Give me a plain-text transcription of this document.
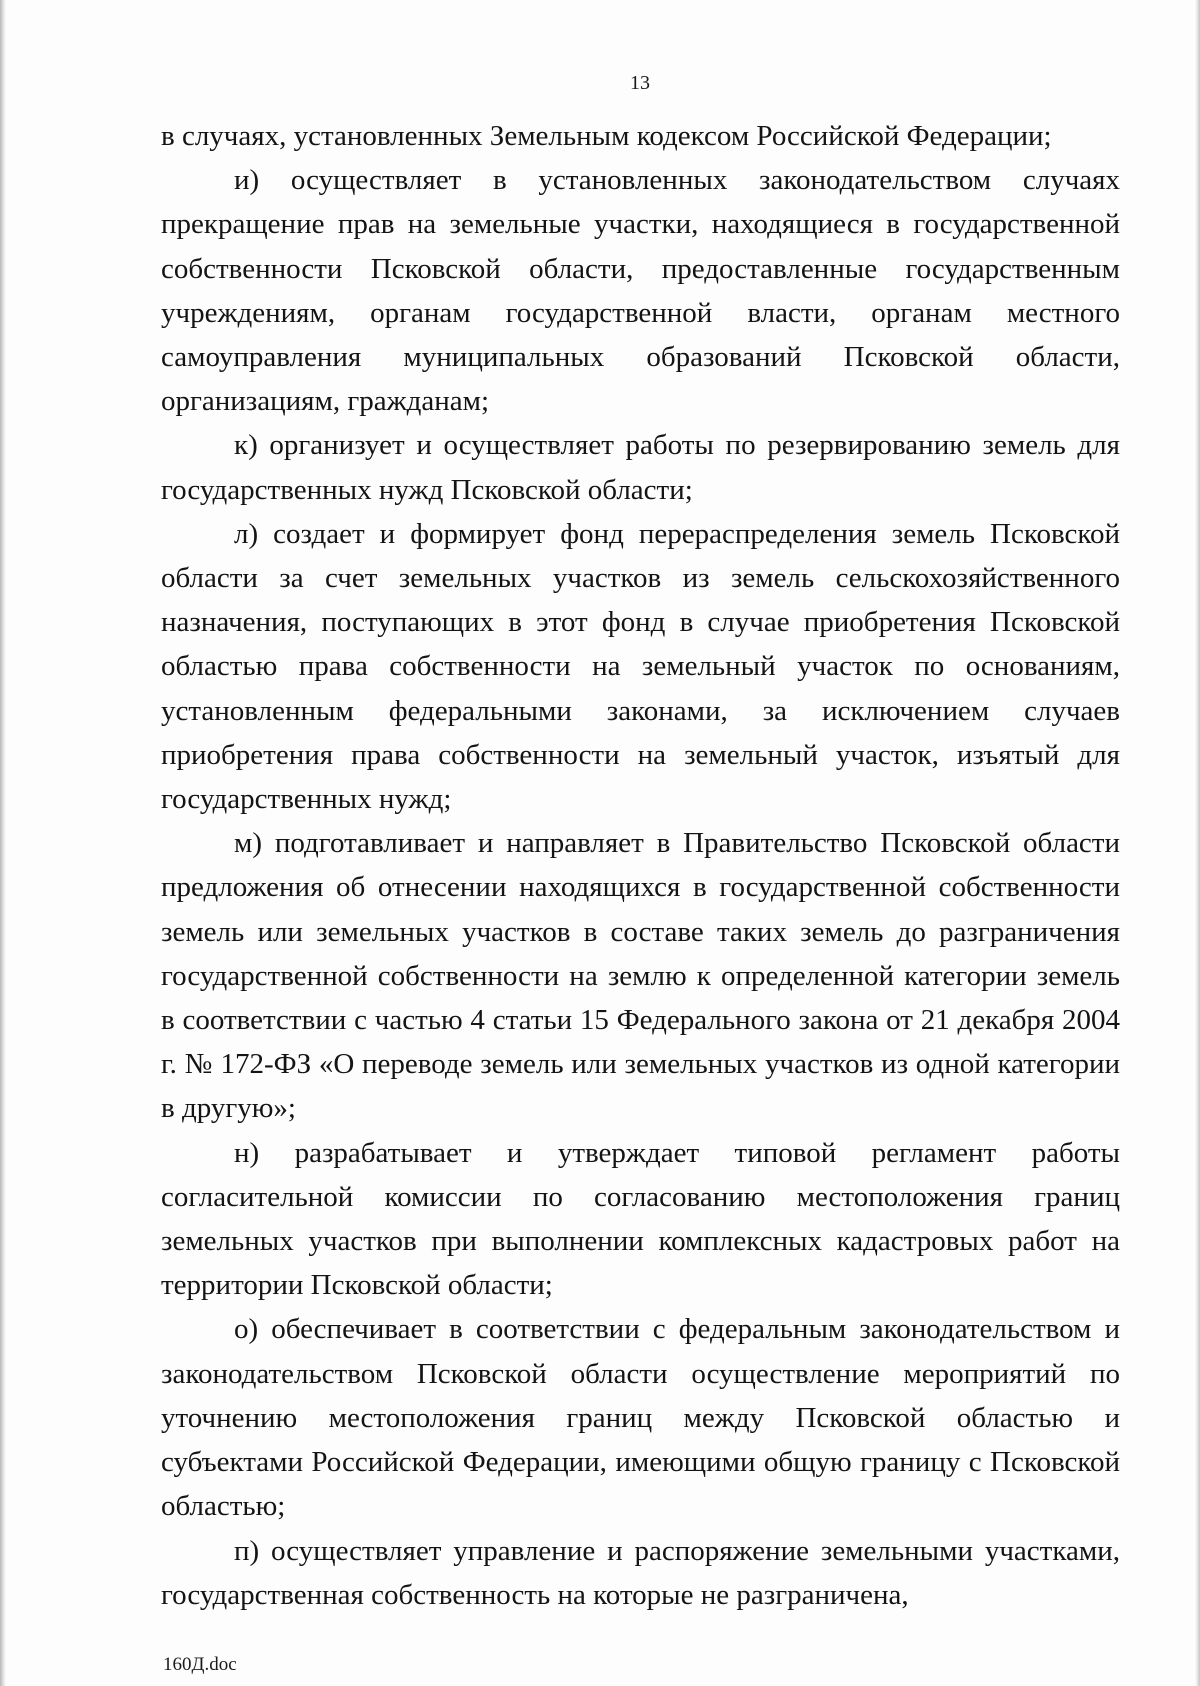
13

в случаях, установленных Земельным кодексом Российской Федерации;

и) осуществляет в установленных законодательством случаях прекращение прав на земельные участки, находящиеся в государственной собственности Псковской области, предоставленные государственным учреждениям, органам государственной власти, органам местного самоуправления муниципальных образований Псковской области, организациям, гражданам;

к) организует и осуществляет работы по резервированию земель для государственных нужд Псковской области;

л) создает и формирует фонд перераспределения земель Псковской области за счет земельных участков из земель сельскохозяйственного назначения, поступающих в этот фонд в случае приобретения Псковской областью права собственности на земельный участок по основаниям, установленным федеральными законами, за исключением случаев приобретения права собственности на земельный участок, изъятый для государственных нужд;

м) подготавливает и направляет в Правительство Псковской области предложения об отнесении находящихся в государственной собственности земель или земельных участков в составе таких земель до разграничения государственной собственности на землю к определенной категории земель в соответствии с частью 4 статьи 15 Федерального закона от 21 декабря 2004 г. № 172-ФЗ «О переводе земель или земельных участков из одной категории в другую»;

н) разрабатывает и утверждает типовой регламент работы согласительной комиссии по согласованию местоположения границ земельных участков при выполнении комплексных кадастровых работ на территории Псковской области;

о) обеспечивает в соответствии с федеральным законодательством и законодательством Псковской области осуществление мероприятий по уточнению местоположения границ между Псковской областью и субъектами Российской Федерации, имеющими общую границу с Псковской областью;

п) осуществляет управление и распоряжение земельными участками, государственная собственность на которые не разграничена,

160Д.doc
